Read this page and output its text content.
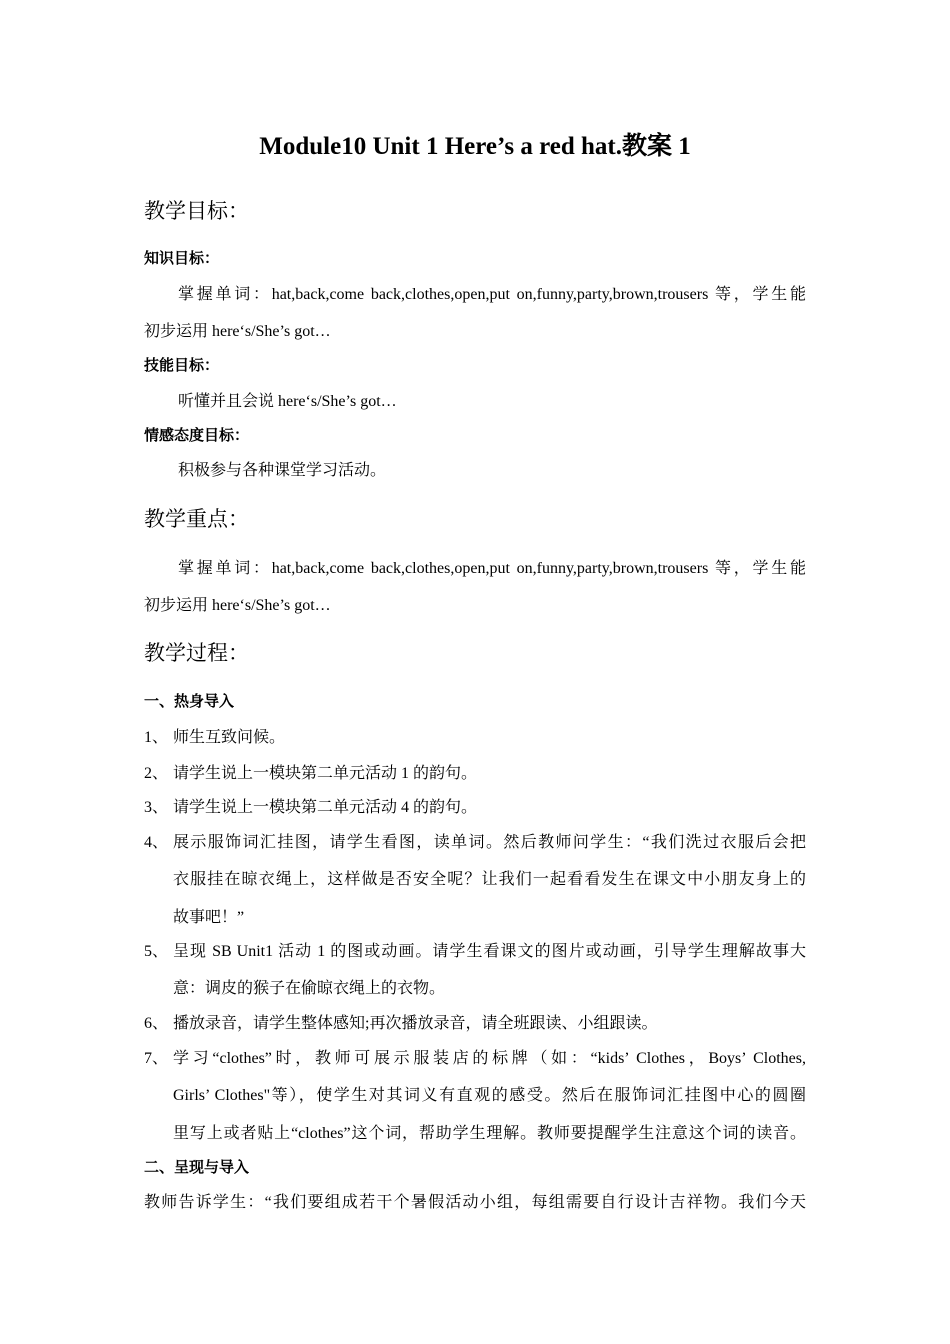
Module10 Unit 1 Here’s a red hat.教案 1
教学目标：
知识目标：
掌握单词：hat,back,come back,clothes,open,put on,funny,party,brown,trousers 等，学生能
初步运用 here‘s/She’s got…
技能目标：
听懂并且会说 here‘s/She’s got…
情感态度目标：
积极参与各种课堂学习活动。
教学重点：
掌握单词：hat,back,come back,clothes,open,put on,funny,party,brown,trousers 等，学生能
初步运用 here‘s/She’s got…
教学过程：
一、热身导入
1、 师生互致问候。
2、 请学生说上一模块第二单元活动 1 的韵句。
3、 请学生说上一模块第二单元活动 4 的韵句。
4、 展示服饰词汇挂图，请学生看图，读单词。然后教师问学生：“我们洗过衣服后会把
衣服挂在晾衣绳上，这样做是否安全呢？让我们一起看看发生在课文中小朋友身上的
故事吧！”
5、 呈现 SB Unit1 活动 1 的图或动画。请学生看课文的图片或动画，引导学生理解故事大
意：调皮的猴子在偷晾衣绳上的衣物。
6、 播放录音，请学生整体感知;再次播放录音，请全班跟读、小组跟读。
7、 学习“clothes”时，教师可展示服装店的标牌（如：“kids’ Clothes，Boys’ Clothes,
Girls’ Clothes"等），使学生对其词义有直观的感受。然后在服饰词汇挂图中心的圆圈
里写上或者贴上“clothes”这个词，帮助学生理解。教师要提醒学生注意这个词的读音。
二、呈现与导入
教师告诉学生：“我们要组成若干个暑假活动小组，每组需要自行设计吉祥物。我们今天
